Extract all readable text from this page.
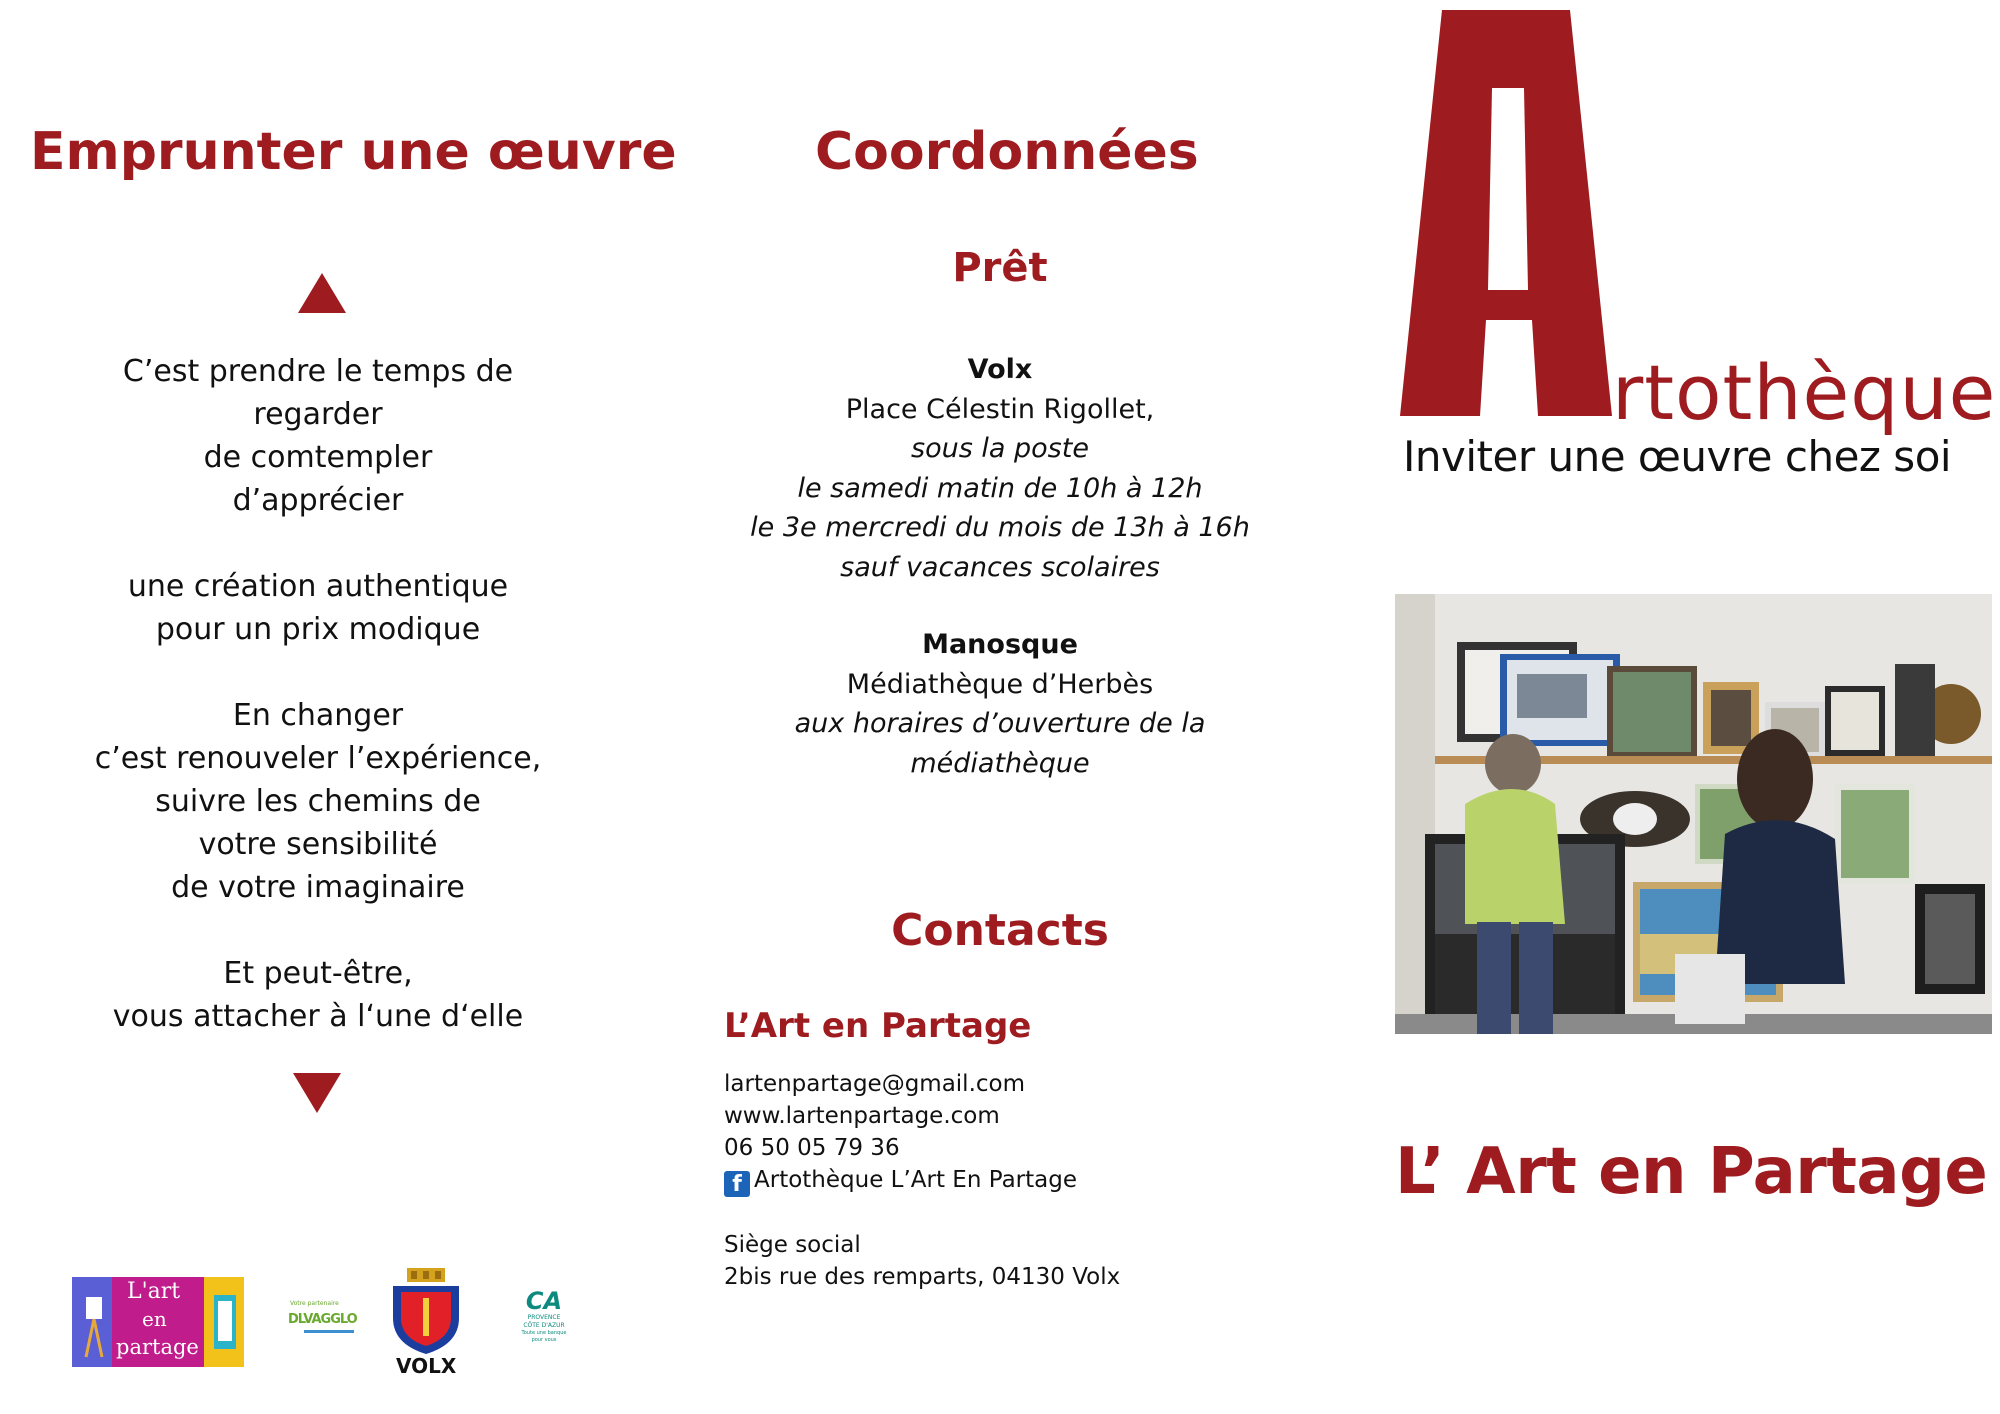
Emprunter une œuvre
C’est prendre le temps de
regarder
de comtempler
d’apprécier
une création authentique
pour un prix modique
En changer
c’est renouveler l’expérience,
suivre les chemins de
votre sensibilité
de votre imaginaire
Et peut-être,
vous attacher à l‘une d‘elle
L'art
en
partage
Votre partenaire
DLVAGGLO
VOLX
CA
PROVENCE
CÔTE D'AZUR
Toute une banque
pour vous
Coordonnées
Prêt
Volx
Place Célestin Rigollet,
sous la poste
le samedi matin de 10h à 12h
le 3e mercredi du mois de 13h à 16h
sauf vacances scolaires
Manosque
Médiathèque d’Herbès
aux horaires d’ouverture de la
médiathèque
Contacts
L’Art en Partage
lartenpartage@gmail.com
www.lartenpartage.com
06 50 05 79 36
f Artothèque L’Art En Partage
Siège social
2bis rue des remparts, 04130 Volx
rtothèque
Inviter une œuvre chez soi
L’ Art en Partage
